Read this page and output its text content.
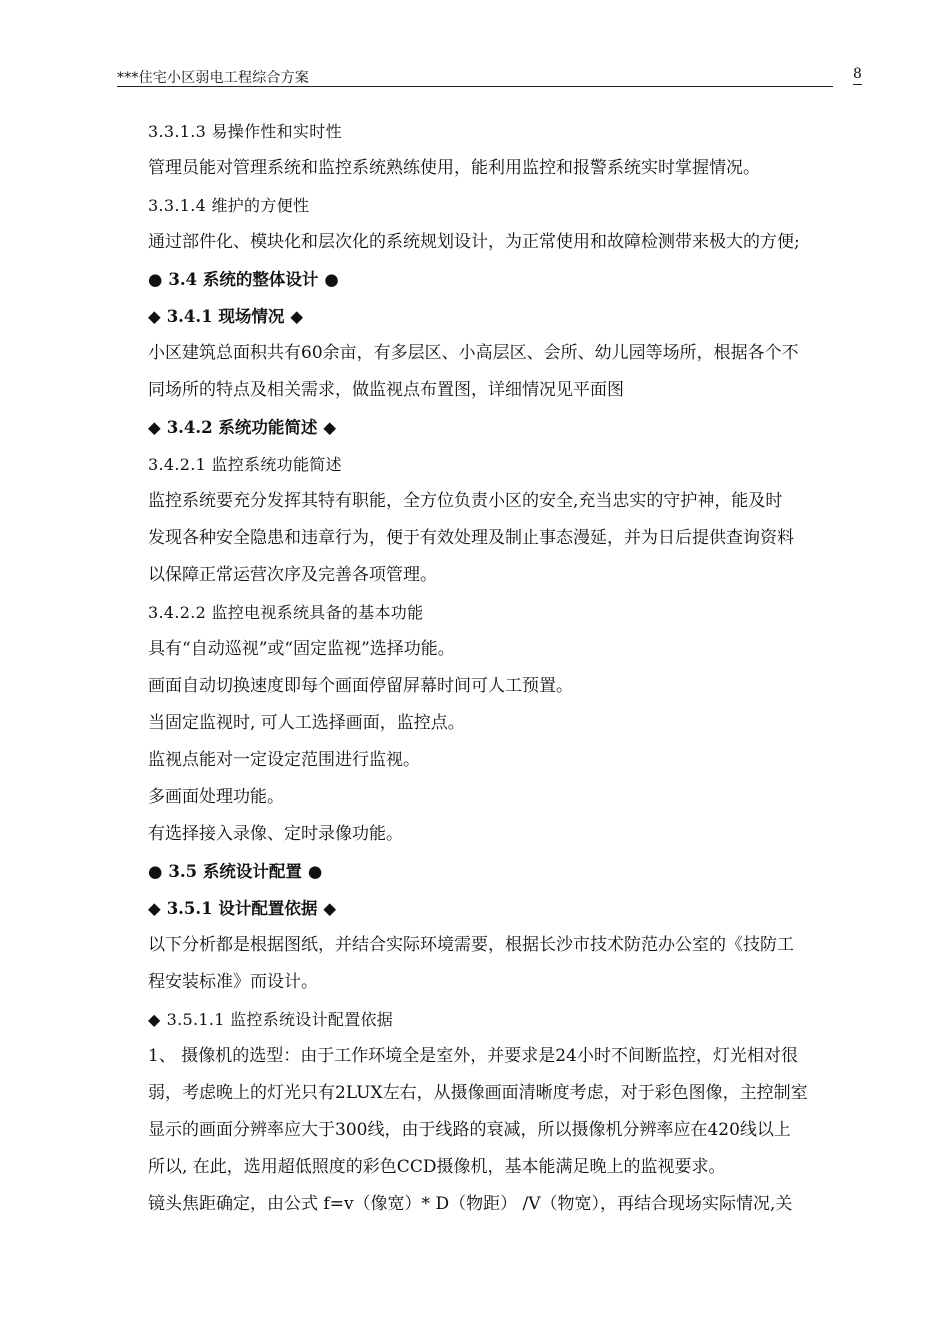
***住宅小区弱电工程综合方案	8
3.3.1.3 易操作性和实时性
管理员能对管理系统和监控系统熟练使用，能利用监控和报警系统实时掌握情况。
3.3.1.4 维护的方便性
通过部件化、模块化和层次化的系统规划设计，为正常使用和故障检测带来极大的方便;
● 3.4 系统的整体设计 ●
◆ 3.4.1 现场情况 ◆
小区建筑总面积共有60余亩，有多层区、小高层区、会所、幼儿园等场所，根据各个不
同场所的特点及相关需求，做监视点布置图，详细情况见平面图
◆ 3.4.2 系统功能简述 ◆
3.4.2.1 监控系统功能简述
监控系统要充分发挥其特有职能，全方位负责小区的安全,充当忠实的守护神，能及时
发现各种安全隐患和违章行为，便于有效处理及制止事态漫延，并为日后提供查询资料
以保障正常运营次序及完善各项管理。
3.4.2.2 监控电视系统具备的基本功能
具有“自动巡视”或“固定监视”选择功能。
画面自动切换速度即每个画面停留屏幕时间可人工预置。
当固定监视时, 可人工选择画面，监控点。
监视点能对一定设定范围进行监视。
多画面处理功能。
有选择接入录像、定时录像功能。
● 3.5 系统设计配置 ●
◆ 3.5.1 设计配置依据 ◆
以下分析都是根据图纸，并结合实际环境需要，根据长沙市技术防范办公室的《技防工
程安装标准》而设计。
◆ 3.5.1.1 监控系统设计配置依据
1、 摄像机的选型：由于工作环境全是室外，并要求是24小时不间断监控，灯光相对很
弱，考虑晚上的灯光只有2LUX左右，从摄像画面清晰度考虑，对于彩色图像，主控制室
显示的画面分辨率应大于300线，由于线路的衰减，所以摄像机分辨率应在420线以上
所以, 在此，选用超低照度的彩色CCD摄像机，基本能满足晚上的监视要求。
镜头焦距确定，由公式 f=v（像宽）* D（物距） /V（物宽），再结合现场实际情况,关
